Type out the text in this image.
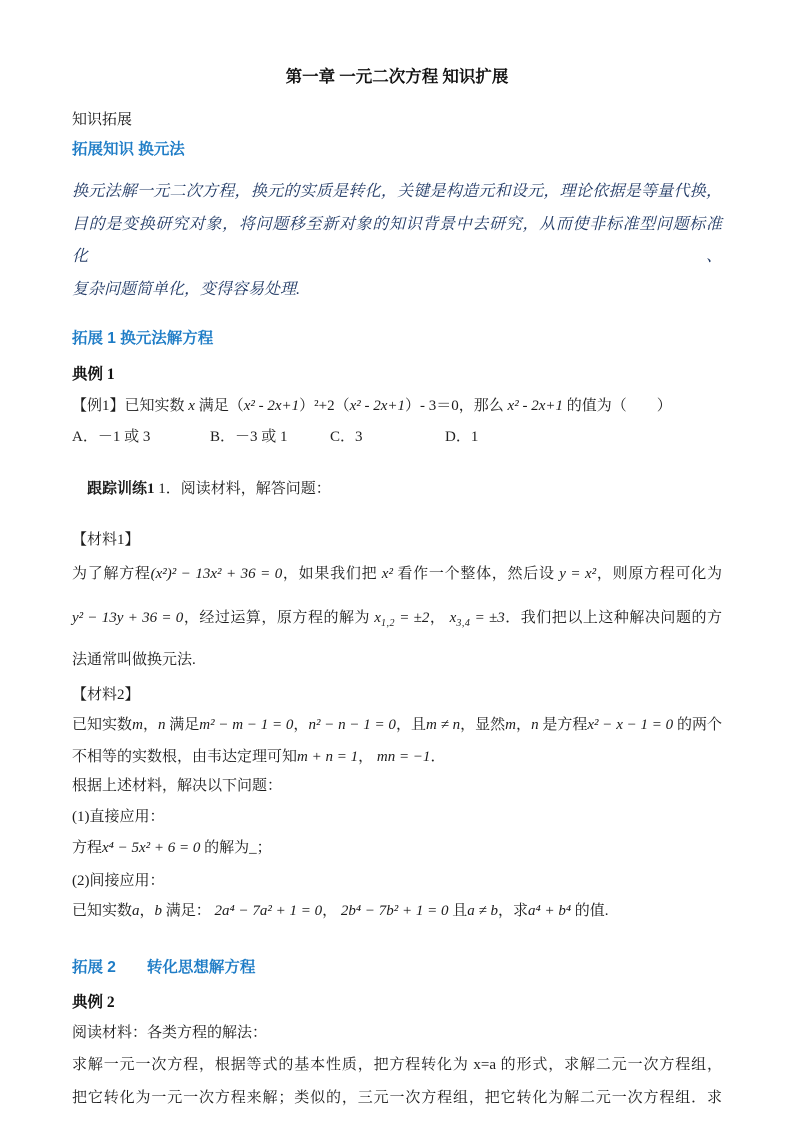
第一章 一元二次方程 知识扩展
知识拓展
拓展知识 换元法
换元法解一元二次方程，换元的实质是转化，关键是构造元和设元，理论依据是等量代换，
目的是变换研究对象，将问题移至新对象的知识背景中去研究，从而使非标准型问题标准化、
复杂问题简单化，变得容易处理.
拓展 1 换元法解方程
典例 1
【例1】已知实数 x 满足（x² - 2x+1）²+2（x² - 2x+1）- 3＝0，那么 x² - 2x+1 的值为（　　）
A．－1 或 3	B．－3 或 1	C．3	D．1

跟踪训练1 1．阅读材料，解答问题：

【材料1】
为了解方程(x²)² − 13x² + 36 = 0，如果我们把 x² 看作一个整体，然后设 y = x²，则原方程可化为
y² − 13y + 36 = 0，经过运算，原方程的解为 $x_{1,2} = \pm 2$， $x_{3,4} = \pm 3$．我们把以上这种解决问题的方
法通常叫做换元法.
【材料2】
已知实数m，n 满足m² − m − 1 = 0，n² − n − 1 = 0，且m ≠ n，显然m，n 是方程x² − x − 1 = 0 的两个
不相等的实数根，由韦达定理可知m + n = 1， mn = −1．
根据上述材料，解决以下问题：
(1)直接应用：
方程x⁴ − 5x² + 6 = 0 的解为_；
(2)间接应用：
已知实数a，b 满足： 2a⁴ − 7a² + 1 = 0， 2b⁴ − 7b² + 1 = 0 且a ≠ b，求a⁴ + b⁴ 的值.
拓展 2　　转化思想解方程
典例 2
阅读材料：各类方程的解法：
求解一元一次方程，根据等式的基本性质，把方程转化为 x=a 的形式，求解二元一次方程组，
把它转化为一元一次方程来解；类似的，三元一次方程组，把它转化为解二元一次方程组．求
